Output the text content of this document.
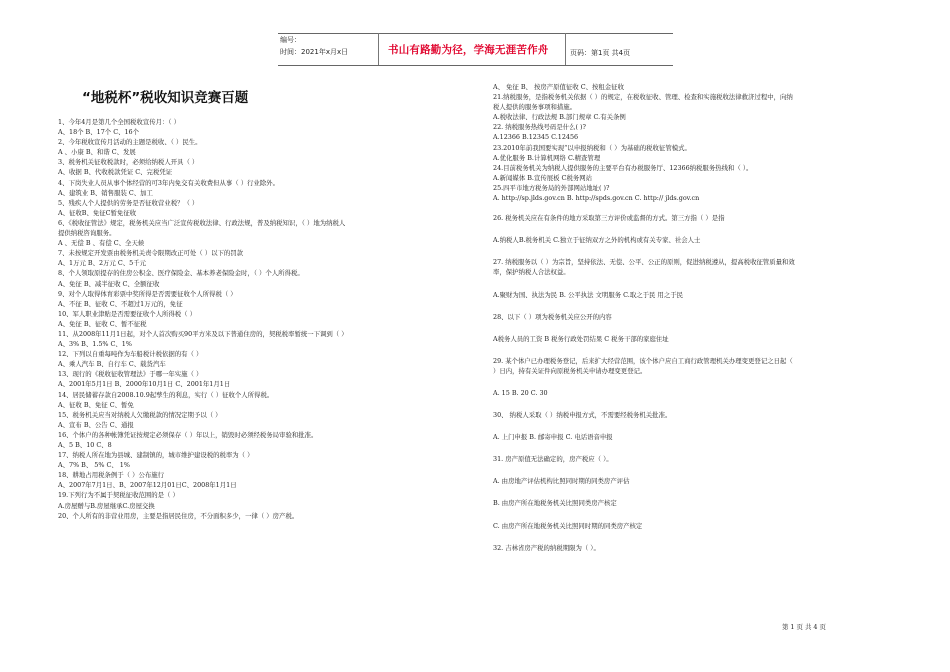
编号：
时间：2021年x月x日	书山有路勤为径，学海无涯苦作舟	页码：第1页 共4页
“地税杯”税收知识竞赛百题
1、今年4月是第几个全国税收宣传月：（ ）
A、18个 B、17个 C、16个
2、今年税收宣传月活动的主题是税收、（ ）民生。
A 、小康 B、和谐 C、发展
3、税务机关征收税款时，必须给纳税人开具（ ）
A、收据 B、代收税款凭证 C、完税凭证
4、下岗失业人员从事个体经营的可3年内免交有关收费但从事（ ）行业除外。
A、建筑业 B、销售服装 C、加工
5、残疾人个人提供的劳务是否征收营业税？（ ）
A、征收B、免征C暂免征收
6、《税收征管法》规定，税务机关应当广泛宣传税收法律、行政法规，普及纳税知识，（ ）地为纳税人
提供纳税咨询服务。
A 、无偿 B 、有偿 C、全天候
7、未按规定开发票由税务机关责令限期改正可处（ ）以下的罚款
A、1万元 B、2万元 C、5千元
8、个人领取原提存的住房公积金、医疗保险金、基本养老保险金时，（ ）个人所得税。
A、免征 B、减半征收 C、全额征收
9、对个人取得体育彩票中奖所得是否需要征收个人所得税（ ）
A、不征 B、征收 C、不超过1万元的，免征
10、军人职业津贴是否需要征收个人所得税（ ）
A、免征 B、征收 C、暂不征税
11、从2008年11月1日起，对个人首次购买90平方米及以下普通住房的，契税税率暂统一下调到（ ）
A、3% B、1.5% C、1%
12、下列以自重每吨作为车船税计税依据的有（ ）
A、乘人汽车 B、自行车 C、载货汽车
13、现行的《税收征收管理法》于哪一年实施（ ）
A、2001年5月1日 B、2000年10月1日 C、2001年1月1日
14、居民储蓄存款自2008.10.9起孳生的利息，实行（ ）征收个人所得税。
A、征收 B、免征 C、暂免
15、税务机关应当对纳税人欠缴税款的情况定期予以（ ）
A、宣布 B、公告 C、通报
16、个体户的各种帐簿凭证按规定必须保存（ ）年以上，销毁时必须经税务局审验和批准。
A、5 B、10 C、8
17、纳税人所在地为县城、建制镇的，城市维护建设税的税率为（ ）
A、7% B、 5% C、 1%
18、耕地占用税条例于（ ）公布施行
A、2007年7月1日、B、2007年12月01日C、2008年1月1日
19.下列行为不属于契税征收范围的是（ ）
A.房屋赠与B.房屋继承C.房屋交换
20、个人所有的非营业用房，主要是指居民住房，不分面积多少，一律（ ）房产税。
A、 免征 B、 按房产原值征收 C、按租金征收
21.纳税服务，是指税务机关依据（ ）的规定，在税收征收、管理、检查和实施税收法律救济过程中，向纳
税人提供的服务事项和措施。
A.税收法律、行政法规 B.部门规章 C.有关条例
22. 纳税服务热线号码是什么( )?
A.12366 B.12345 C.12456
23.2010年前我国要实现“以申报纳税和（ ）为基础的税收征管模式。
A.优化服务 B.计算机网络 C.精查管理
24.目前税务机关为纳税人提供服务的主要平台有办税服务厅、12366纳税服务热线和（ ）。
A.新闻媒体 B.宣传展板 C税务网站
25.四平市地方税务局的外部网站地址( )?
A. http://sp.jlds.gov.cn B. http://spds.gov.cn C. http:// jlds.gov.cn
26. 税务机关应在有条件的地方采取第三方评价或监督的方式。第三方指（ ）是指
A.纳税人B.税务机关 C.独立于征纳双方之外的机构或有关专家、社会人士
27. 纳税服务以（ ）为宗旨，坚持依法、无偿、公平、公正的原则，促进纳税遵从，提高税收征管质量和效
率，保护纳税人合法权益。
A.聚财为国、执法为民 B. 公平执法 文明服务 C.取之于民 用之于民
28、以下（ ）项为税务机关应公开的内容
A税务人员的工资 B 税务行政处罚结果 C 税务干部的家庭住址
29. 某个体户已办理税务登记，后来扩大经营范围，该个体户应自工商行政管理机关办理变更登记之日起（
）日内，持有关证件向原税务机关申请办理变更登记。
A. 15 B. 20 C. 30
30、 纳税人采取（ ）纳税申报方式，不需要经税务机关批准。
A. 上门申报 B. 邮寄申报 C. 电话语音申报
31. 房产原值无法确定的，房产税应（ ）。
A. 由房地产评估机构比照同时期的同类房产评估
B. 由房产所在地税务机关比照同类房产核定
C. 由房产所在地税务机关比照同时期的同类房产核定
32. 吉林省房产税的纳税期限为（ ）。
第 1 页 共 4 页
